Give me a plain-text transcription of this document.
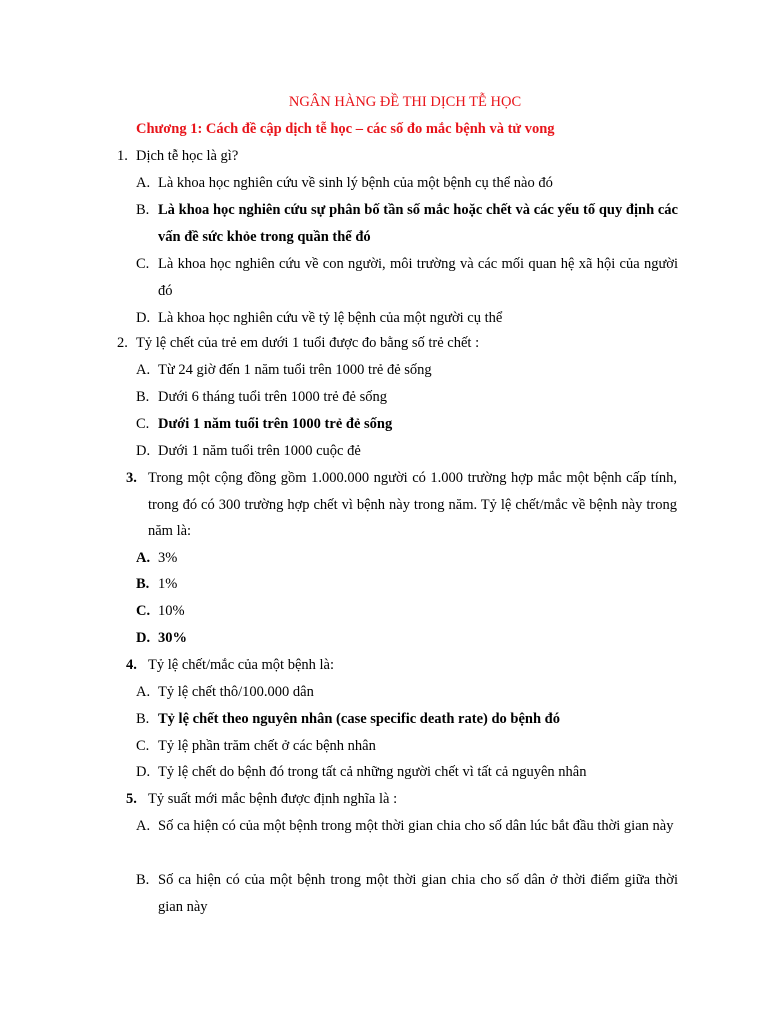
NGÂN HÀNG ĐỀ THI DỊCH TỄ HỌC
Chương 1: Cách đề cập dịch tễ học – các số đo mắc bệnh và tử vong
1. Dịch tễ học là gì?
A. Là khoa học nghiên cứu về sinh lý bệnh của một bệnh cụ thể nào đó
B. Là khoa học nghiên cứu sự phân bố tần số mắc hoặc chết và các yếu tố quy định các vấn đề sức khỏe trong quần thể đó
C. Là khoa học nghiên cứu về con người, môi trường và các mối quan hệ xã hội của người đó
D. Là khoa học nghiên cứu về tỷ lệ bệnh của một người cụ thể
2. Tỷ lệ chết của trẻ em dưới 1 tuổi được đo bằng số trẻ chết :
A. Từ 24 giờ đến 1 năm tuổi trên 1000 trẻ đẻ sống
B. Dưới 6 tháng tuổi trên 1000 trẻ đẻ sống
C. Dưới 1 năm tuổi trên 1000 trẻ đẻ sống
D. Dưới 1 năm tuổi trên 1000 cuộc đẻ
3. Trong một cộng đồng gồm 1.000.000 người có 1.000 trường hợp mắc một bệnh cấp tính, trong đó có 300 trường hợp chết vì bệnh này trong năm. Tỷ lệ chết/mắc về bệnh này trong năm là:
A. 3%
B. 1%
C. 10%
D. 30%
4. Tỷ lệ chết/mắc của một bệnh là:
A. Tỷ lệ chết thô/100.000 dân
B. Tỷ lệ chết theo nguyên nhân (case specific death rate) do bệnh đó
C. Tỷ lệ phần trăm chết ở các bệnh nhân
D. Tỷ lệ chết do bệnh đó trong tất cả những người chết vì tất cả nguyên nhân
5. Tỷ suất mới mắc bệnh được định nghĩa là :
A. Số ca hiện có của một bệnh trong một thời gian chia cho số dân lúc bắt đầu thời gian này
B. Số ca hiện có của một bệnh trong một thời gian chia cho số dân ở thời điểm giữa thời gian này
